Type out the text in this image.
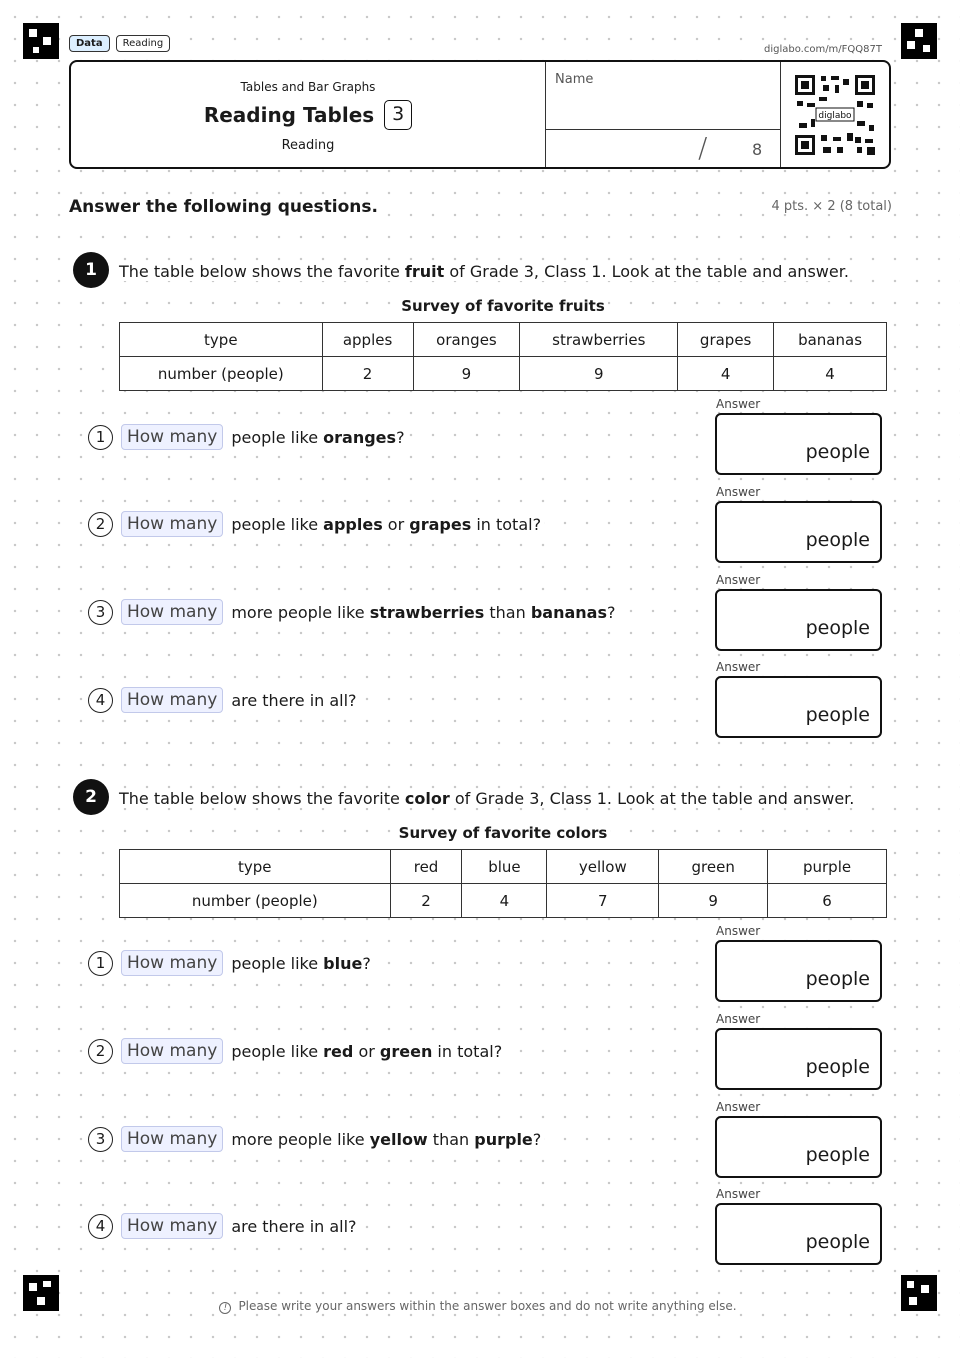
Data	Reading
diglabo.com/m/FQQ87T
Tables and Bar Graphs
Reading Tables 3
Reading
Name
/	8
diglabo
Answer the following questions.	4 pts. × 2 (8 total)
1	The table below shows the favorite fruit of Grade 3, Class 1. Look at the table and answer.
Survey of favorite fruits
type	apples	oranges	strawberries	grapes	bananas
number (people)	2	9	9	4	4
1	How many people like oranges?
2	How many people like apples or grapes in total?
3	How many more people like strawberries than bananas?
4	How many are there in all?
Answer
people
Answer
people
Answer
people
Answer
people
2	The table below shows the favorite color of Grade 3, Class 1. Look at the table and answer.
Survey of favorite colors
type	red	blue	yellow	green	purple
number (people)	2	4	7	9	6
1	How many people like blue?
2	How many people like red or green in total?
3	How many more people like yellow than purple?
4	How many are there in all?
Answer
people
Answer
people
Answer
people
Answer
people
! Please write your answers within the answer boxes and do not write anything else.
